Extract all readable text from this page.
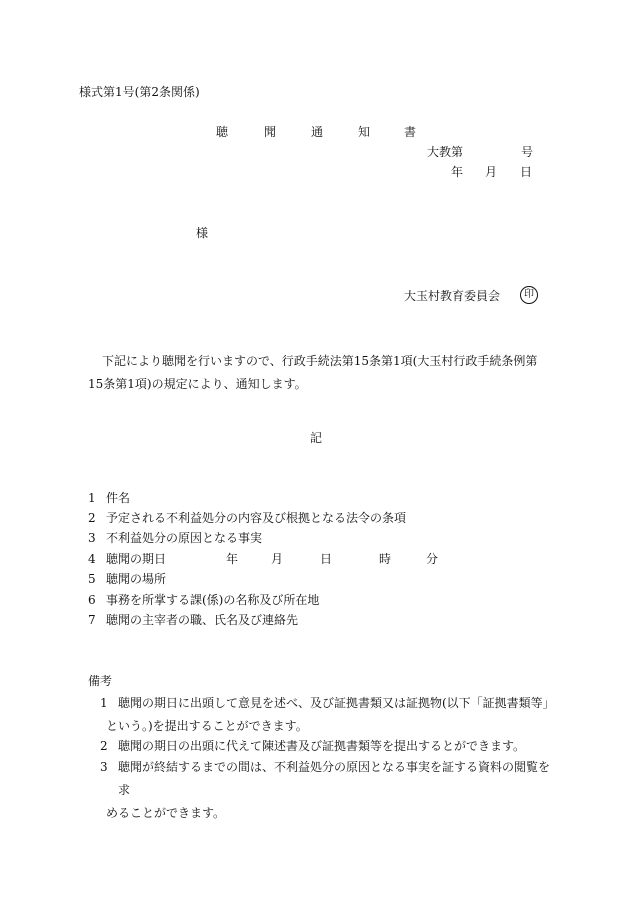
様式第1号(第2条関係)
聴	聞	通	知	書
大教第	号
年 月 日
様
大玉村教育委員会	印
下記により聴聞を行いますので、行政手続法第15条第1項(大玉村行政手続条例第15条第1項)の規定により、通知します。
記
1 件名
2 予定される不利益処分の内容及び根拠となる法令の条項
3 不利益処分の原因となる事実
4 聴聞の期日	年	月	日	時	分
5 聴聞の場所
6 事務を所掌する課(係)の名称及び所在地
7 聴聞の主宰者の職、氏名及び連絡先
備考
1 聴聞の期日に出頭して意見を述べ、及び証拠書類又は証拠物(以下「証拠書類等」
という。)を提出することができます。
2 聴聞の期日の出頭に代えて陳述書及び証拠書類等を提出するとができます。
3 聴聞が終結するまでの間は、不利益処分の原因となる事実を証する資料の閲覧を求
めることができます。
